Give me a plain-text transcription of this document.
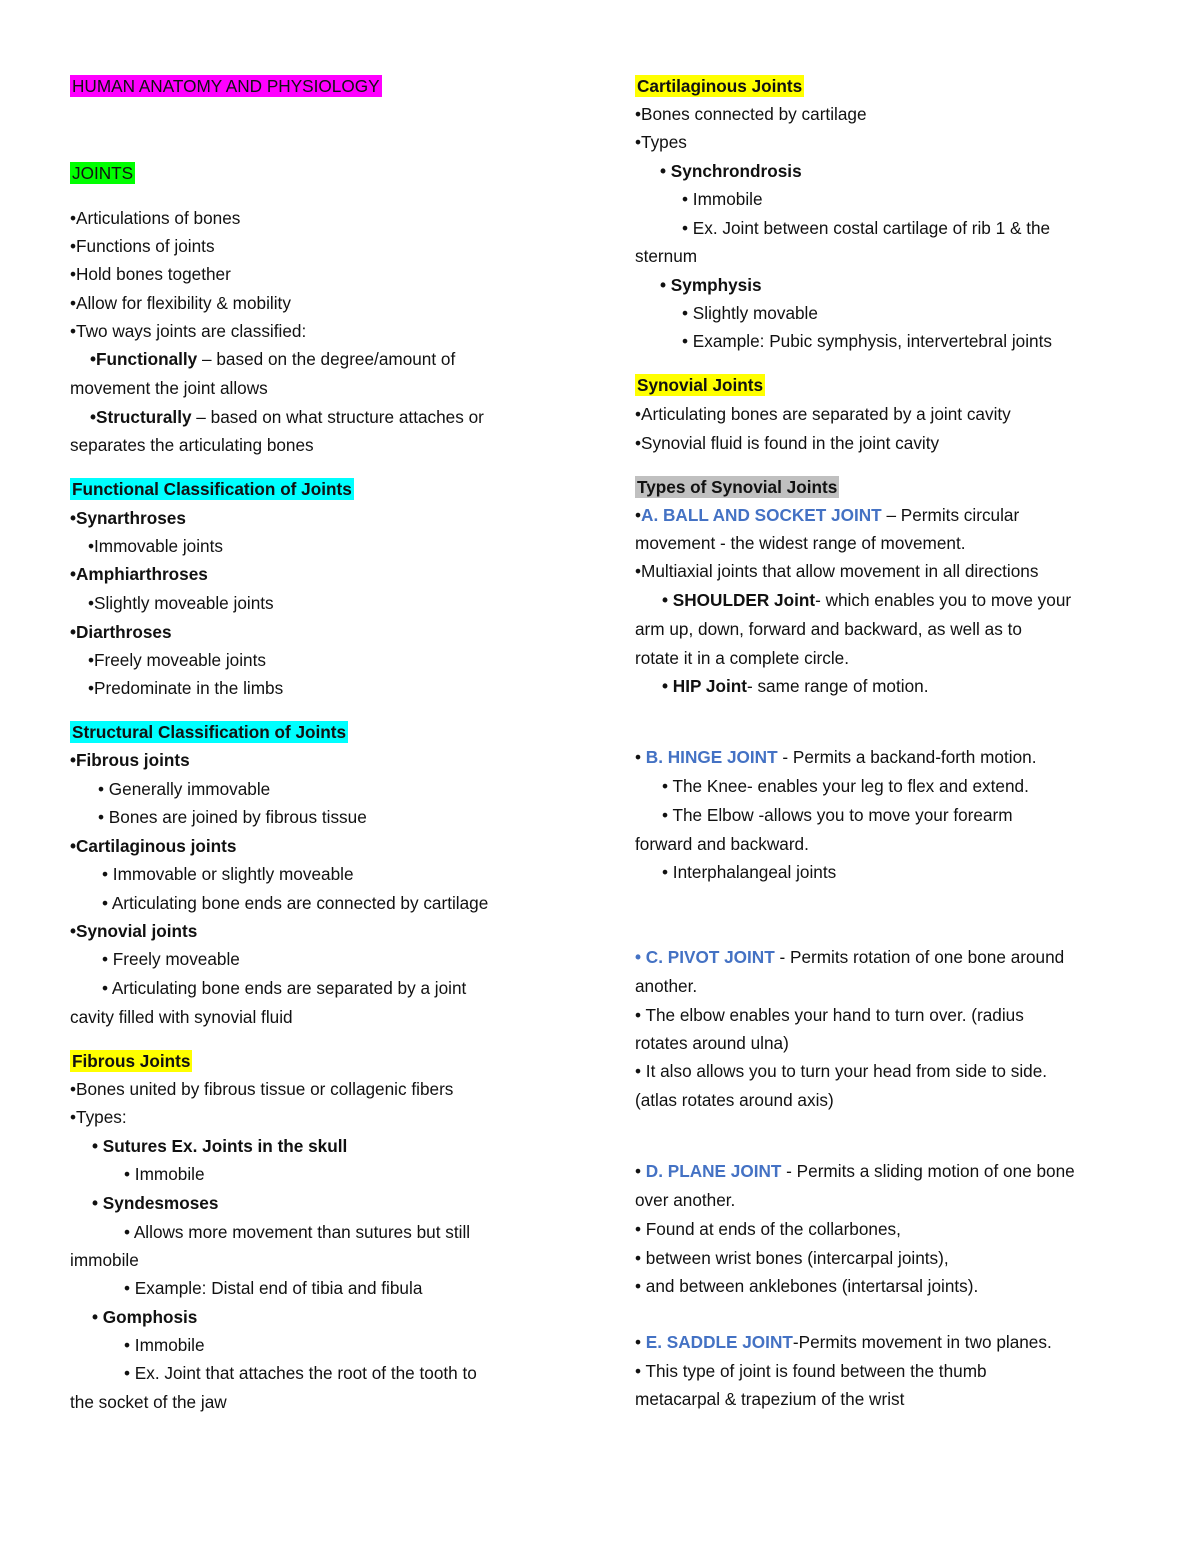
HUMAN ANATOMY AND PHYSIOLOGY
JOINTS
•Articulations of bones
•Functions of joints
•Hold bones together
•Allow for flexibility & mobility
•Two ways joints are classified:
•Functionally – based on the degree/amount of
movement the joint allows
•Structurally – based on what structure attaches or
separates the articulating bones
Functional Classification of Joints
•Synarthroses
•Immovable joints
•Amphiarthroses
•Slightly moveable joints
•Diarthroses
•Freely moveable joints
•Predominate in the limbs
Structural Classification of Joints
•Fibrous joints
• Generally immovable
• Bones are joined by fibrous tissue
•Cartilaginous joints
• Immovable or slightly moveable
• Articulating bone ends are connected by cartilage
•Synovial joints
• Freely moveable
• Articulating bone ends are separated by a joint
cavity filled with synovial fluid
Fibrous Joints
•Bones united by fibrous tissue or collagenic fibers
•Types:
• Sutures Ex. Joints in the skull
• Immobile
• Syndesmoses
• Allows more movement than sutures but still
immobile
• Example: Distal end of tibia and fibula
• Gomphosis
• Immobile
• Ex. Joint that attaches the root of the tooth to
the socket of the jaw
Cartilaginous Joints
•Bones connected by cartilage
•Types
• Synchrondrosis
• Immobile
• Ex. Joint between costal cartilage of rib 1 & the
sternum
• Symphysis
• Slightly movable
• Example: Pubic symphysis, intervertebral joints
Synovial Joints
•Articulating bones are separated by a joint cavity
•Synovial fluid is found in the joint cavity
Types of Synovial Joints
•A. BALL AND SOCKET JOINT – Permits circular
movement - the widest range of movement.
•Multiaxial joints that allow movement in all directions
• SHOULDER Joint- which enables you to move your
arm up, down, forward and backward, as well as to
rotate it in a complete circle.
• HIP Joint- same range of motion.
• B. HINGE JOINT - Permits a backand-forth motion.
• The Knee- enables your leg to flex and extend.
• The Elbow -allows you to move your forearm
forward and backward.
• Interphalangeal joints
• C. PIVOT JOINT - Permits rotation of one bone around
another.
• The elbow enables your hand to turn over. (radius
rotates around ulna)
• It also allows you to turn your head from side to side.
(atlas rotates around axis)
• D. PLANE JOINT - Permits a sliding motion of one bone
over another.
• Found at ends of the collarbones,
• between wrist bones (intercarpal joints),
• and between anklebones (intertarsal joints).
• E. SADDLE JOINT-Permits movement in two planes.
• This type of joint is found between the thumb
metacarpal & trapezium of the wrist
